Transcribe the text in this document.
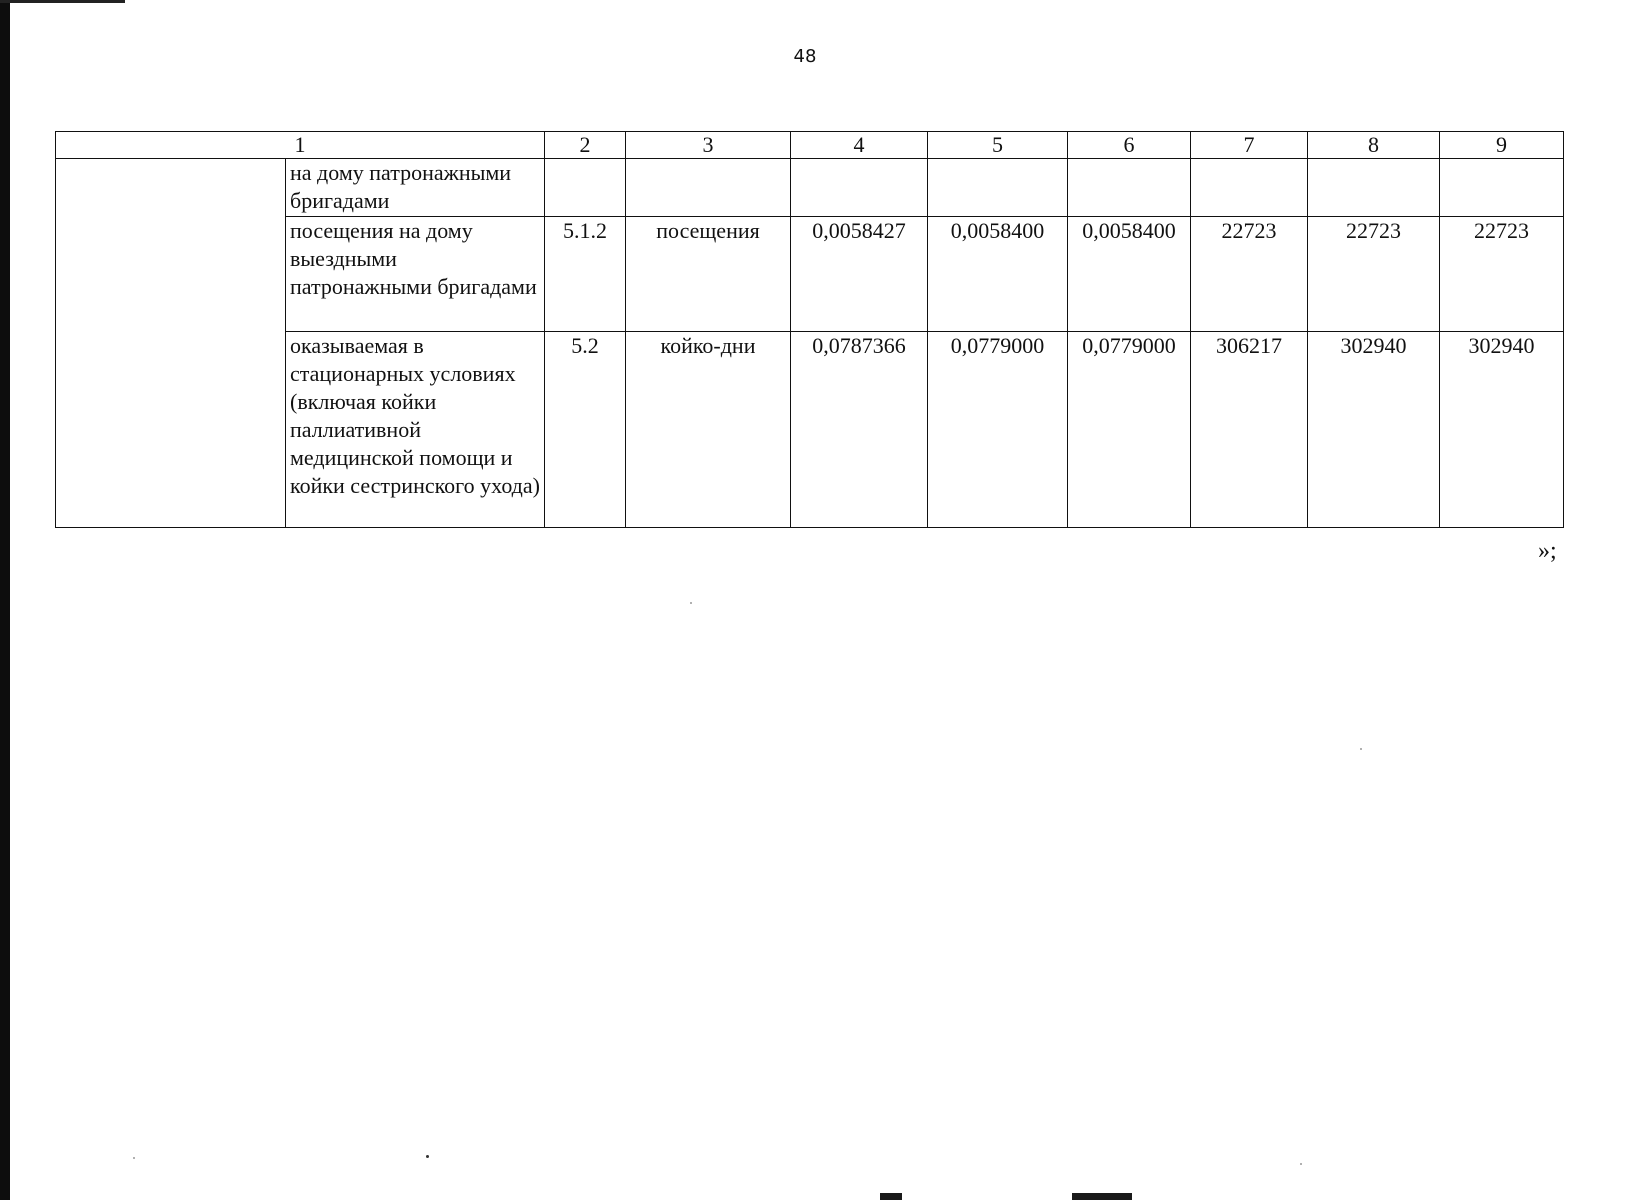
48
1		2	3	4	5	6	7	8	9
	на дому патронажными бригадами								
	посещения на дому выездными патронажными бригадами	5.1.2	посещения	0,0058427	0,0058400	0,0058400	22723	22723	22723
	оказываемая в стационарных условиях (включая койки паллиативной медицинской помощи и койки сестринского ухода)	5.2	койко-дни	0,0787366	0,0779000	0,0779000	306217	302940	302940
»;
